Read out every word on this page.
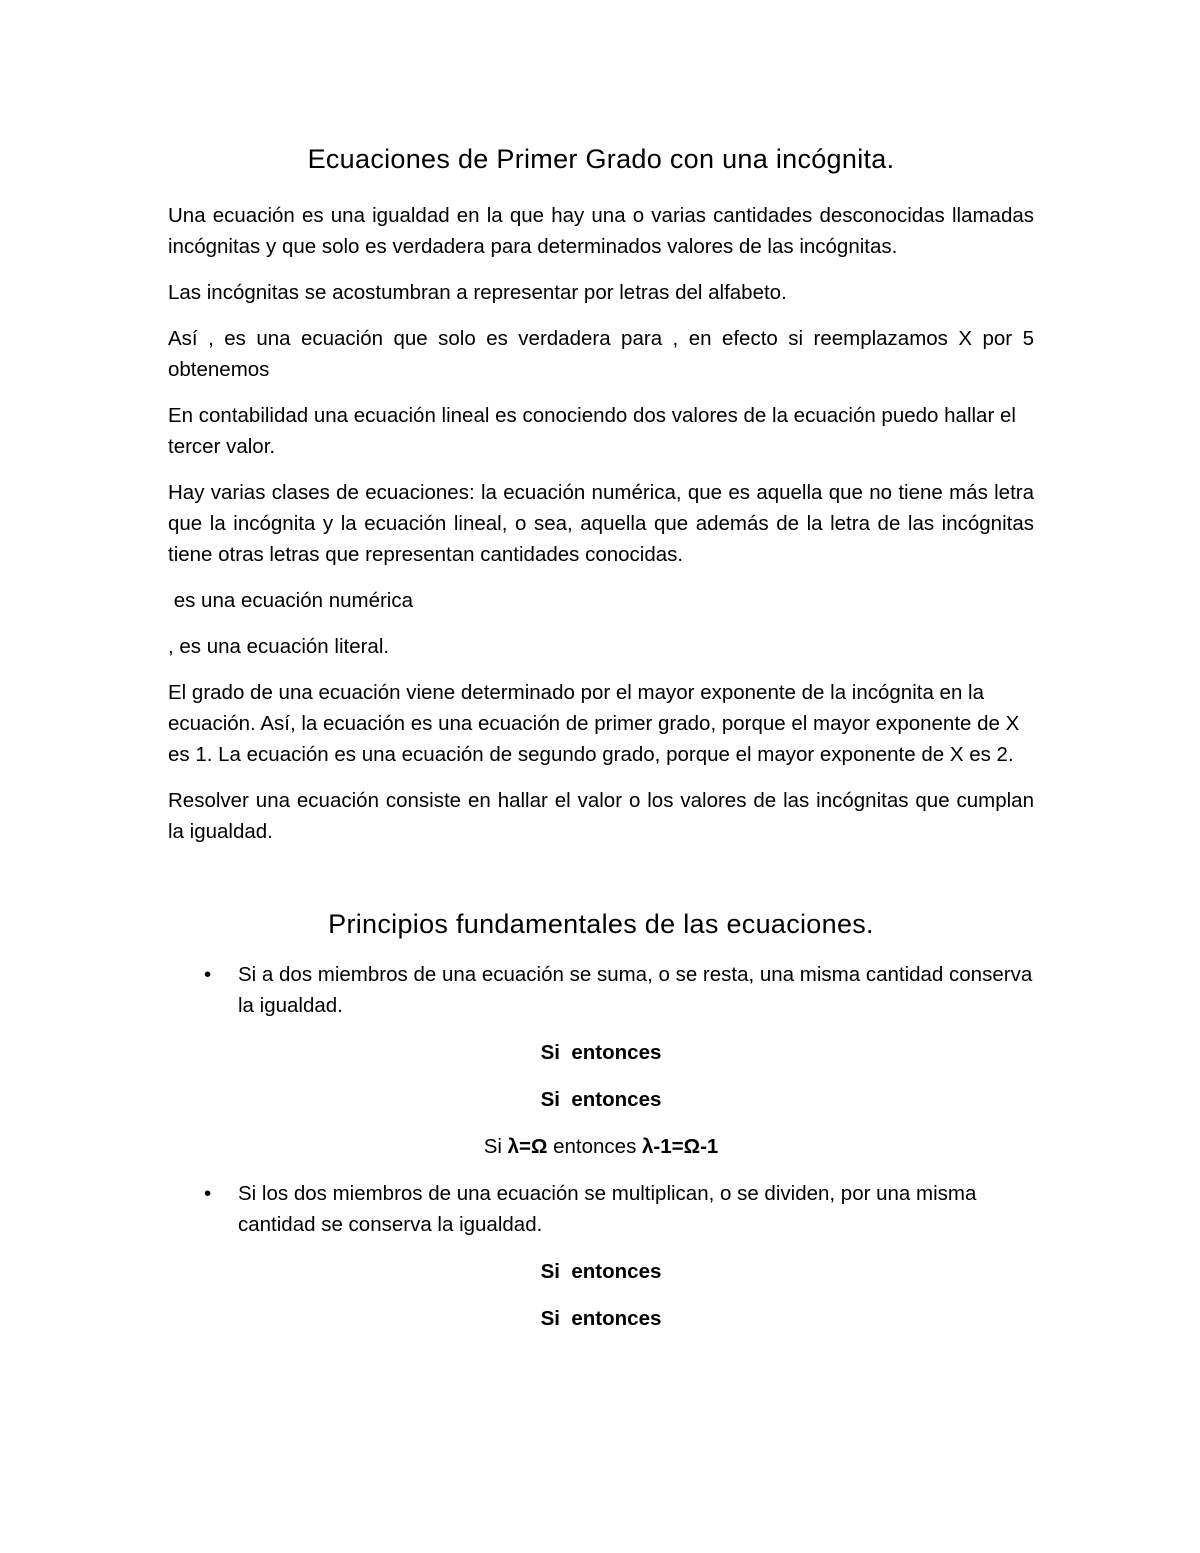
Ecuaciones de Primer Grado con una incógnita.

Una ecuación es una igualdad en la que hay una o varias cantidades desconocidas llamadas incógnitas y que solo es verdadera para determinados valores de las incógnitas.

Las incógnitas se acostumbran a representar por letras del alfabeto.

Así , es una ecuación que solo es verdadera para , en efecto si reemplazamos X por 5 obtenemos

En contabilidad una ecuación lineal es conociendo dos valores de la ecuación puedo hallar el tercer valor.

Hay varias clases de ecuaciones: la ecuación numérica, que es aquella que no tiene más letra que la incógnita y la ecuación lineal, o sea, aquella que además de la letra de las incógnitas tiene otras letras que representan cantidades conocidas.

es una ecuación numérica

, es una ecuación literal.

El grado de una ecuación viene determinado por el mayor exponente de la incógnita en la ecuación. Así, la ecuación es una ecuación de primer grado, porque el mayor exponente de X es 1. La ecuación es una ecuación de segundo grado, porque el mayor exponente de X es 2.

Resolver una ecuación consiste en hallar el valor o los valores de las incógnitas que cumplan la igualdad.

Principios fundamentales de las ecuaciones.
• Si a dos miembros de una ecuación se suma, o se resta, una misma cantidad conserva la igualdad.
Si  entonces
Si  entonces
Si λ=Ω entonces λ-1=Ω-1
• Si los dos miembros de una ecuación se multiplican, o se dividen, por una misma cantidad se conserva la igualdad.
Si  entonces
Si  entonces
